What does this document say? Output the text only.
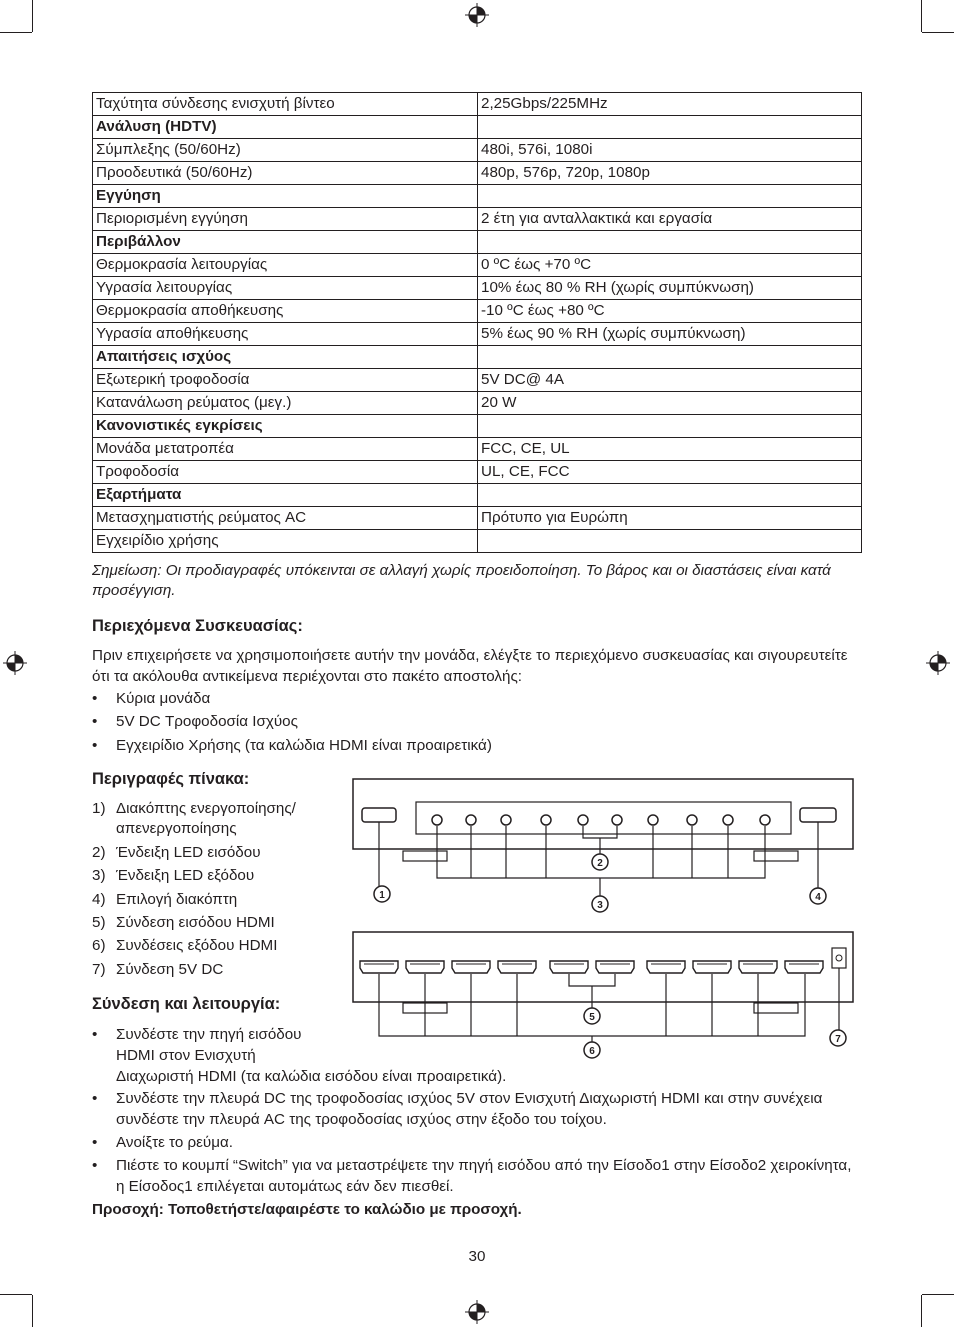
Ταχύτητα σύνδεσης ενισχυτή βίντεο	2,25Gbps/225MHz
Ανάλυση (HDTV)	
Σύμπλεξης (50/60Hz)	480i, 576i, 1080i
Προοδευτικά (50/60Hz)	480p, 576p, 720p, 1080p
Εγγύηση	
Περιορισμένη εγγύηση	2 έτη για ανταλλακτικά και εργασία
Περιβάλλον	
Θερμοκρασία λειτουργίας	0 ºC έως +70 ºC
Υγρασία λειτουργίας	10% έως 80 % RH (χωρίς συμπύκνωση)
Θερμοκρασία αποθήκευσης	-10 ºC έως +80 ºC
Υγρασία αποθήκευσης	5% έως 90 % RH (χωρίς συμπύκνωση)
Απαιτήσεις ισχύος	
Εξωτερική τροφοδοσία	5V DC@ 4A
Κατανάλωση ρεύματος (μεγ.)	20 W
Κανονιστικές εγκρίσεις	
Μονάδα μετατροπέα	FCC, CE, UL
Τροφοδοσία	UL, CE, FCC
Εξαρτήματα	
Μετασχηματιστής ρεύματος AC	Πρότυπο για Ευρώπη
Εγχειρίδιο χρήσης	
Σημείωση: Οι προδιαγραφές υπόκεινται σε αλλαγή χωρίς προειδοποίηση. Το βάρος και οι διαστάσεις είναι κατά προσέγγιση.
Περιεχόμενα Συσκευασίας:
Πριν επιχειρήσετε να χρησιμοποιήσετε αυτήν την μονάδα, ελέγξτε το περιεχόμενο συσκευασίας και σιγουρευτείτε ότι τα ακόλουθα αντικείμενα περιέχονται στο πακέτο αποστολής:
• Κύρια μονάδα
• 5V DC Τροφοδοσία Ισχύος
• Εγχειρίδιο Χρήσης (τα καλώδια HDMI είναι προαιρετικά)
Περιγραφές πίνακα:
1) Διακόπτης ενεργοποίησης/ απενεργοποίησης
2) Ένδειξη LED εισόδου
3) Ένδειξη LED εξόδου
4) Επιλογή διακόπτη
5) Σύνδεση εισόδου HDMI
6) Συνδέσεις εξόδου HDMI
7) Σύνδεση 5V DC
1
2
3
4
5
6
7
Σύνδεση και λειτουργία:
• Συνδέστε την πηγή εισόδου
HDMI στον Ενισχυτή
Διαχωριστή HDMI (τα καλώδια εισόδου είναι προαιρετικά).
• Συνδέστε την πλευρά DC της τροφοδοσίας ισχύος 5V στον Ενισχυτή Διαχωριστή HDMI και στην συνέχεια συνδέστε την πλευρά AC της τροφοδοσίας ισχύος στην έξοδο του τοίχου.
• Ανοίξτε το ρεύμα.
• Πιέστε το κουμπί “Switch” για να μεταστρέψετε την πηγή εισόδου από την Είσοδο1 στην Είσοδο2 χειροκίνητα, η Είσοδος1 επιλέγεται αυτομάτως εάν δεν πιεσθεί.
Προσοχή: Τοποθετήστε/αφαιρέστε το καλώδιο με προσοχή.
30
